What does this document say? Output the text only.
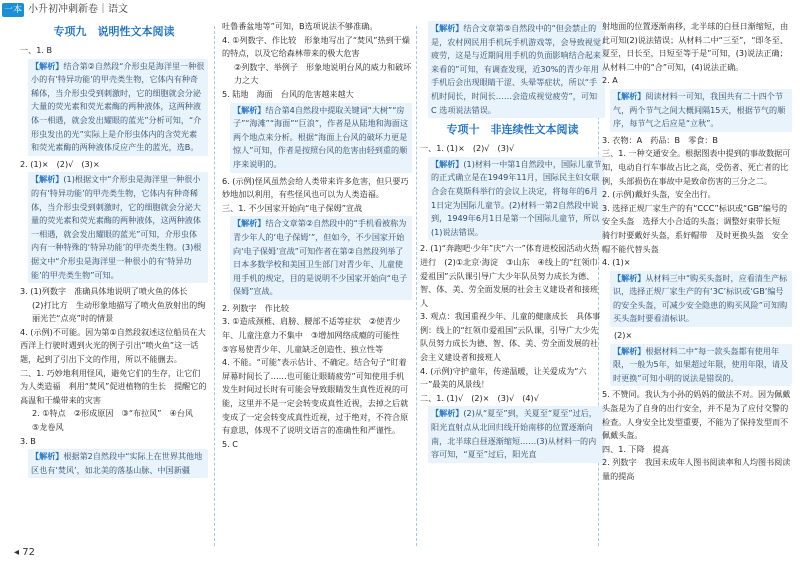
一本 小升初冲刺新卷｜语文
专项九　说明性文本阅读
一、1. B
【解析】结合第②自然段“介形虫是海洋里一种很小的有‘特异功能’的甲壳类生物，它体内有种奇稀体，当介形虫受到刺激时，它的细胞就会分泌大量的荧光素和荧光素酶的两种液体，这两种液体一相遇，就会发出耀眼的蓝光”分析可知，“介形虫发出的光”实际上是介形虫体内的含荧光素和荧光素酶的两种液体反应产生的蓝光，选B。
2. (1)×　(2)√　(3)×
【解析】(1)根据文中“介形虫是海洋里一种很小的有‘特异功能’的甲壳类生物，它体内有种奇稀体，当介形虫受到刺激时，它的细胞就会分泌大量的荧光素和荧光素酶的两种液体，这两种液体一相遇，就会发出耀眼的蓝光”可知，介形虫体内有一种特殊的‘特异功能’的甲壳类生物。(3)根据文中“介形虫是海洋里一种很小的有‘特异功能’的甲壳类生物”可知。
3. (1)列数字　准确具体地说明了喷火鱼的体长
(2)打比方　生动形象地描写了喷火鱼放射出的绚丽光芒“点亮”时的情景
4. (示例)不可能。因为第①自然段叙述这位船员在大西洋上行驶时遇到火光的例子引出“喷火鱼”这一话题，起到了引出下文的作用，所以不能删去。
二、1. 巧妙地利用怪风，避免它们的生存，让它们为人类造福　利用“焚风”促进植物的生长　提醒它的高温和干燥带来的灾害
2. ①特点　②形成原因　③“布拉风”　④台风　⑤龙卷风
3. B
【解析】根据第2自然段中“实际上在世界其他地区也有‘焚风’，如北美的落基山脉、中国新疆
吐鲁番盆地等”可知，B选项说法不够准确。
4. ①列数字、作比较　形象地写出了“焚风”热到干燥的特点，以及它给森林带来的极大危害
②列数字、举例子　形象地说明台风的威力和破坏力之大
5. 陆地　海面　台风的危害越来越大
【解析】结合第4自然段中提取关键词“大树”“房子”“海滩”“海面”“巨浪”，作者是从陆地和海面这两个地点来分析。根据“海面上台风的破坏力更是惊人”可知，作者是按照台风的危害由轻到重的顺序来说明的。
6. (示例)怪风虽然会给人类带来许多危害，但只要巧妙地加以利用，有些怪风也可以为人类造福。
三、1. 不少国家开始向“电子保姆”宣战
【解析】结合文章第②自然段中的“手机看被称为青少年人的‘电子保姆’”，但如今，不少国家开始向‘电子保姆’宣战”可知作者在第②自然段列举了日本多数学校和美国卫生部门对青少年、儿童使用手机的规定，目的是说明不少国家开始向“电子保姆”宣战。
2. 列数字　作比较
3. ①造成颈椎、肩膀、腰部不适等症状　②使青少年、儿童注意力不集中　③增加网络成瘾的可能性　⑤容易使青少年、儿童缺乏创造性、独立性等
4. 不能。“可能”表示估计、不确定。结合句子“盯着屏幕时间长了……也可能让眼睛疲劳”可知使用手机发生时间过长时有可能会导致眼睛发生真性近视的可能，这里并不是一定会转变成真性近视，去掉之后就变成了一定会转变成真性近视，过于绝对，不符合原有意思，体现不了说明文语言的准确性和严谨性。
5. C
【解析】结合文章第⑤自然段中的“但会禁止的是，农村网民用手机玩手机游戏等，会导致视觉疲劳，这是与近期间用手机的负面影响结合起来来看的”可知，有调查发现，近30%的青少年用手机后会出现眼睛干涩、头晕等症状，所以“手机时间长，时间长……会造成视觉疲劳”，可知 C 选项说法错误。
专项十　非连续性文本阅读
一、1. (1)×　(2)√　(3)√
【解析】(1)材料一中第1自然段中，国际儿童节的正式确立是在1949年11月，国际民主妇女联合会在莫斯科举行的会议上决定，将每年的6月1日定为国际儿童节。(2)材料一第2自然段中说到，1949年6月1日是第一个国际儿童节，所以(1)说法错误。
2. (1)“奔跑吧·少年”庆“六一”体育进校园活动火热进行　(2)①北京·海淀　③山东　④线上的“红领巾爱祖国”云队课引导广大少年队员努力成长为德、智、体、美、劳全面发展的社会主义建设者和接班人
3. 观点：我国重视少年、儿童的健康成长　具体事例：线上的“红领巾爱祖国”云队课，引导广大少先队员努力成长为德、智、体、美、劳全面发展的社会主义建设者和接班人
4. (示例)守护童年，传递温暖，让关爱成为“六一”最美的风景线！
二、1. (1)√　(2)×　(3)√　(4)√
【解析】(2)从“夏至”到，关夏至“夏至”过后，阳光直射点从北回归线开始南移的位置逐渐向南，北半球白昼逐渐缩短……(3)从材料一的内容可知，“夏至”过后，阳光直
射地面的位置逐渐南移，北半球的白昼日渐缩短，由此可知(2)说法错误；从材料二中“三至”，“即冬至、夏至，日长至，日短至等于是”可知，(3)说法正确；从材料二中的“合”可知，(4)说法正确。
2. A
【解析】阅读材料一可知，我国共有二十四个节气，两个节气之间大概间隔15天，根据节气的顺序，每节气之后应是“立秋”。
3. 衣物：A　药品：B　零食：B
三、1. 一种交通安全。根据图表中提到的事故数据可知，电动自行车事故占比之高，受伤者、死亡者的比例，头部损伤在事故中是致命伤害的三分之二。
2. (示例)戴好头盔，安全出行。
3. 选择正规厂家生产的有“CCC”标识或“GB”编号的安全头盔　选择大小合适的头盔；调整好束带长短　骑行时要戴好头盔，系好帽带　及时更换头盔　安全帽不能代替头盔
4. (1)×
【解析】从材料三中“购买头盔时，应看清生产标识，选择正规厂家生产的有‘3C’标识或‘GB’编号的安全头盔，可减少安全隐患的购买风险”可知购买头盔时要看清标识。
(2)×
【解析】根据材料二中“每一款头盔都有使用年限，一般为5年，如果超过年限，使用年限，请及时更换”可知小明的说法是错误的。
5. 不赞同。我认为小孙的妈妈的做法不对。因为佩戴头盔是为了自身的出行安全，并不是为了应付交警的检查。人身安全比发型重要，不能为了保持发型而不佩戴头盔。
四、1. 下降　提高
2. 列数字　我国未成年人图书阅读率和人均图书阅读量的提高
◂ 72
